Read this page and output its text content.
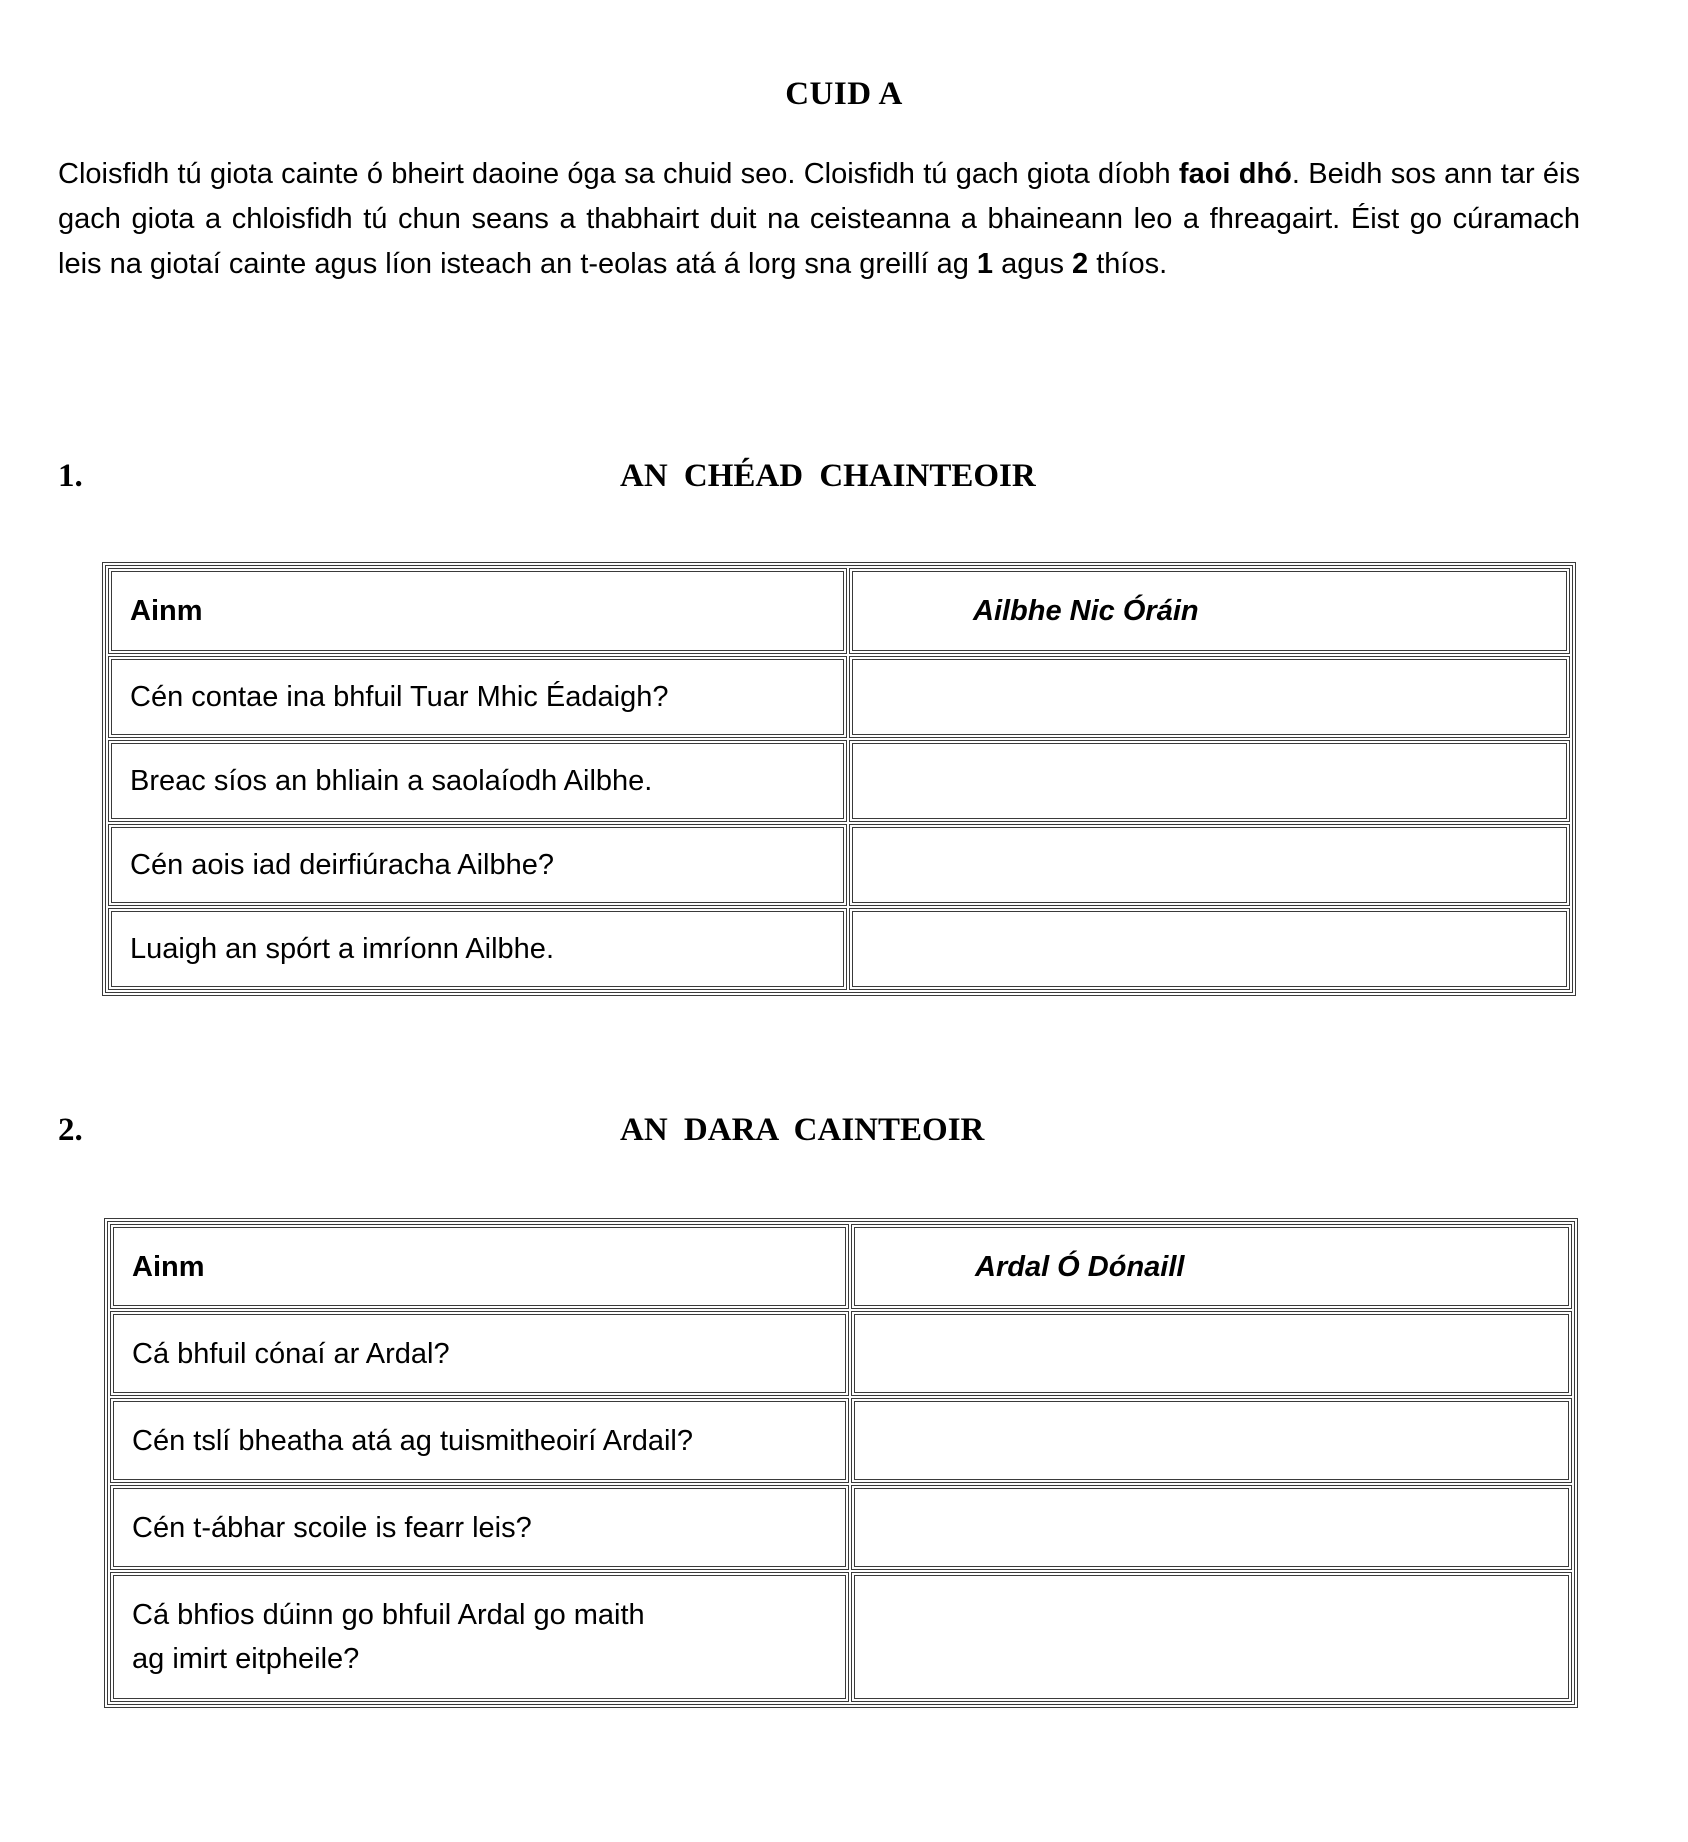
CUID A

Cloisfidh tú giota cainte ó bheirt daoine óga sa chuid seo. Cloisfidh tú gach giota díobh faoi dhó. Beidh sos ann tar éis gach giota a chloisfidh tú chun seans a thabhairt duit na ceisteanna a bhaineann leo a fhreagairt. Éist go cúramach leis na giotaí cainte agus líon isteach an t-eolas atá á lorg sna greillí ag 1 agus 2 thíos.

1.	AN CHÉAD CHAINTEOIR
Ainm	Ailbhe Nic Óráin
Cén contae ina bhfuil Tuar Mhic Éadaigh?	
Breac síos an bhliain a saolaíodh Ailbhe.	
Cén aois iad deirfiúracha Ailbhe?	
Luaigh an spórt a imríonn Ailbhe.	
2.	AN DARA CAINTEOIR
Ainm	Ardal Ó Dónaill
Cá bhfuil cónaí ar Ardal?	
Cén tslí bheatha atá ag tuismitheoirí Ardail?	
Cén t-ábhar scoile is fearr leis?	
Cá bhfios dúinn go bhfuil Ardal go maith
ag imirt eitpheile?	
